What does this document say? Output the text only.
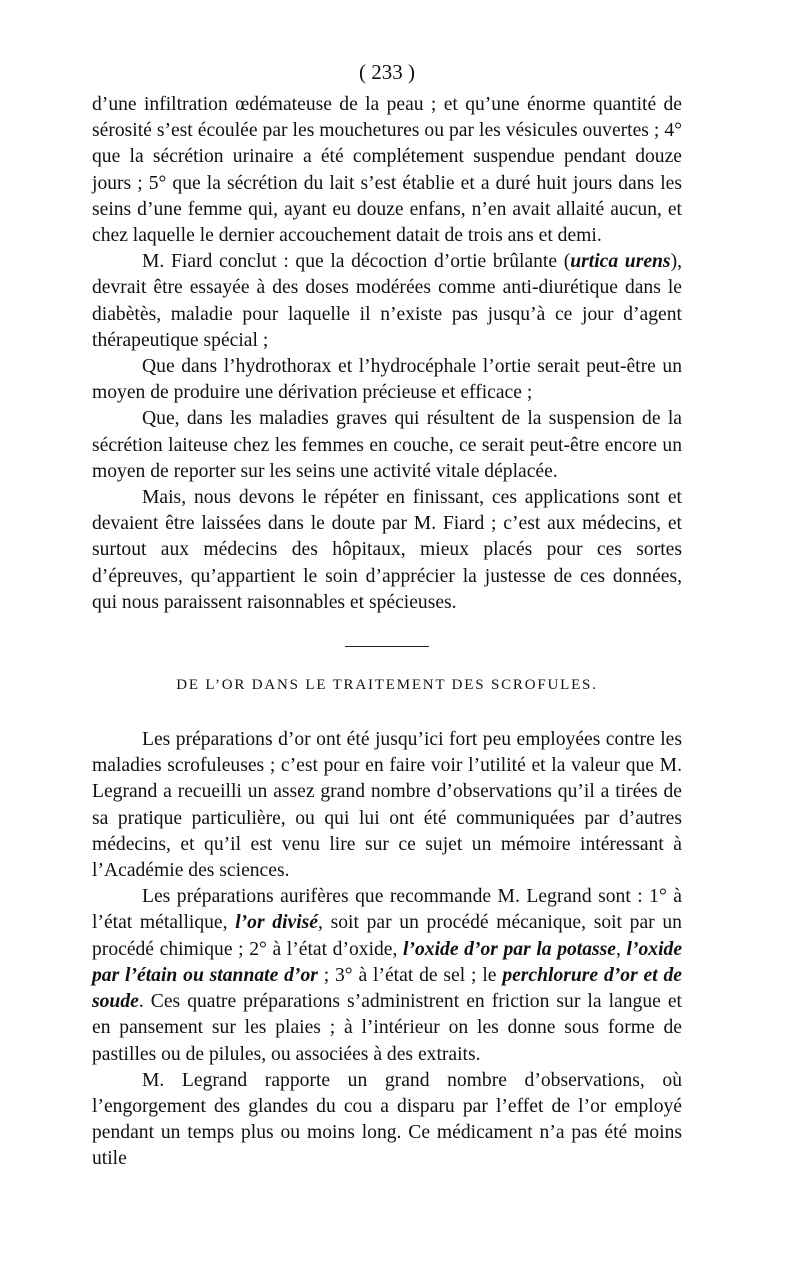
( 233 )

d’une infiltration œdémateuse de la peau ; et qu’une énorme quantité de sérosité s’est écoulée par les mouchetures ou par les vésicules ouvertes ; 4° que la sécrétion urinaire a été complétement suspendue pendant douze jours ; 5° que la sécrétion du lait s’est établie et a duré huit jours dans les seins d’une femme qui, ayant eu douze enfans, n’en avait allaité aucun, et chez laquelle le dernier accouchement datait de trois ans et demi.

M. Fiard conclut : que la décoction d’ortie brûlante (urtica urens), devrait être essayée à des doses modérées comme anti-diurétique dans le diabètès, maladie pour laquelle il n’existe pas jusqu’à ce jour d’agent thérapeutique spécial ;

Que dans l’hydrothorax et l’hydrocéphale l’ortie serait peut-être un moyen de produire une dérivation précieuse et efficace ;

Que, dans les maladies graves qui résultent de la suspension de la sécrétion laiteuse chez les femmes en couche, ce serait peut-être encore un moyen de reporter sur les seins une activité vitale déplacée.

Mais, nous devons le répéter en finissant, ces applications sont et devaient être laissées dans le doute par M. Fiard ; c’est aux médecins, et surtout aux médecins des hôpitaux, mieux placés pour ces sortes d’épreuves, qu’appartient le soin d’apprécier la justesse de ces données, qui nous paraissent raisonnables et spécieuses.

DE L’OR DANS LE TRAITEMENT DES SCROFULES.

Les préparations d’or ont été jusqu’ici fort peu employées contre les maladies scrofuleuses ; c’est pour en faire voir l’utilité et la valeur que M. Legrand a recueilli un assez grand nombre d’observations qu’il a tirées de sa pratique particulière, ou qui lui ont été communiquées par d’autres médecins, et qu’il est venu lire sur ce sujet un mémoire intéressant à l’Académie des sciences.

Les préparations aurifères que recommande M. Legrand sont : 1° à l’état métallique, l’or divisé, soit par un procédé mécanique, soit par un procédé chimique ; 2° à l’état d’oxide, l’oxide d’or par la potasse, l’oxide par l’étain ou stannate d’or ; 3° à l’état de sel ; le perchlorure d’or et de soude. Ces quatre préparations s’administrent en friction sur la langue et en pansement sur les plaies ; à l’intérieur on les donne sous forme de pastilles ou de pilules, ou associées à des extraits.

M. Legrand rapporte un grand nombre d’observations, où l’engorgement des glandes du cou a disparu par l’effet de l’or employé pendant un temps plus ou moins long. Ce médicament n’a pas été moins utile
